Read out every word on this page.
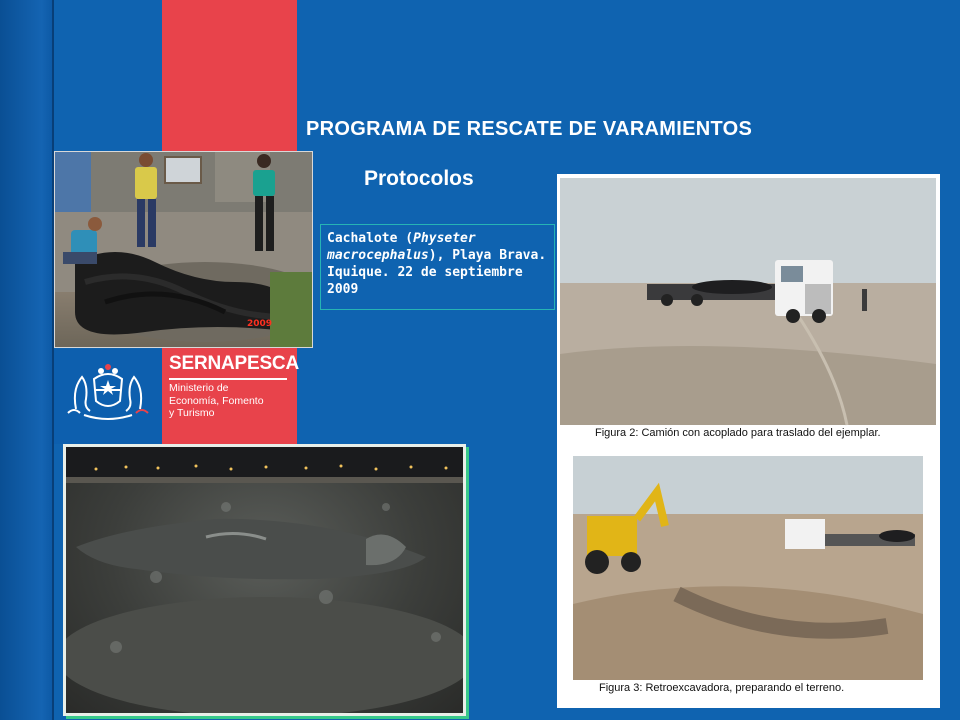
SERNAPESCA
Ministerio de
Economía, Fomento
y Turismo
PROGRAMA DE RESCATE DE VARAMIENTOS
Protocolos
Cachalote (Physeter macrocephalus), Playa Brava. Iquique. 22 de septiembre 2009
2009
Figura 2: Camión con acoplado para traslado del ejemplar.
Figura 3: Retroexcavadora, preparando el terreno.
